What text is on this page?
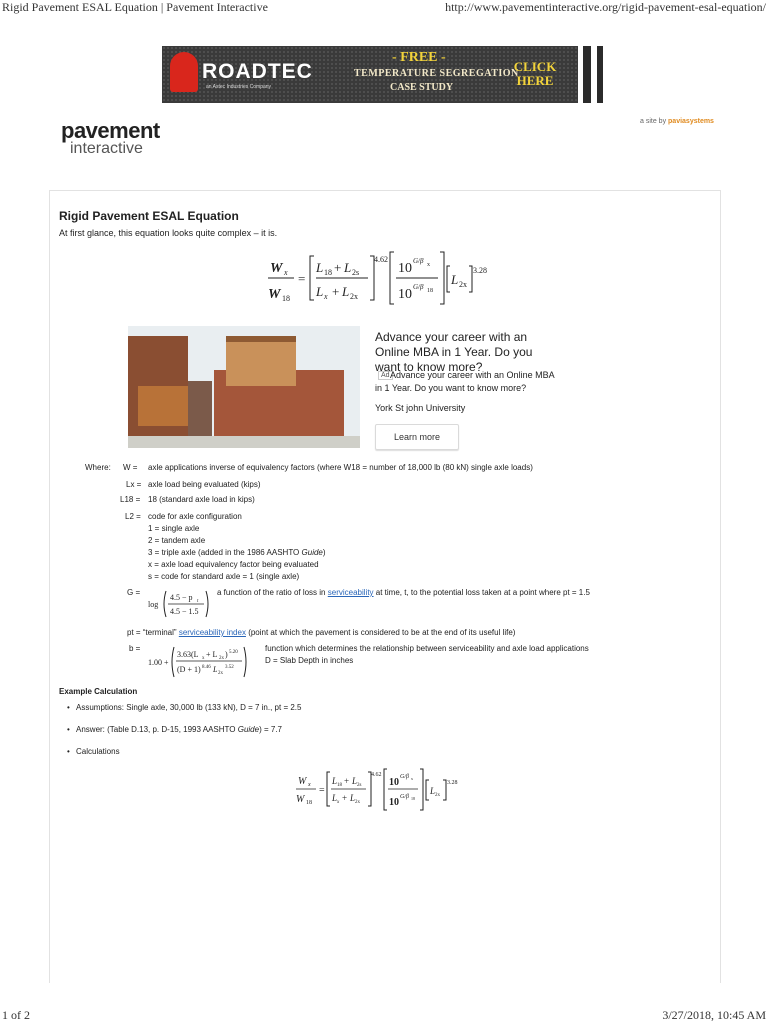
Rigid Pavement ESAL Equation | Pavement Interactive	http://www.pavementinteractive.org/rigid-pavement-esal-equation/
ROADTEC
an Astec Industries Company
- FREE -
TEMPERATURE SEGREGATION
CASE STUDY
CLICK HERE
pavement
interactive
a site by paviasystems
Rigid Pavement ESAL Equation
At first glance, this equation looks quite complex – it is.
W x
W 18
=
L 18 + L 2s
L x + L 2x
4.62
10 G/β x
10 G/β 18
L 2x
3.28
Advance your career with an Online MBA in 1 Year. Do you want to know more?
Ad Advance your career with an Online MBA in 1 Year. Do you want to know more?
York St john University
Learn more
Where: W = axle applications inverse of equivalency factors (where W18 = number of 18,000 lb (80 kN) single axle loads)
Lx = axle load being evaluated (kips)
L18 = 18 (standard axle load in kips)
L2 = code for axle configuration
1 = single axle
2 = tandem axle
3 = triple axle (added in the 1986 AASHTO Guide)
x = axle load equivalency factor being evaluated
s = code for standard axle = 1 (single axle)
G =
log
4.5 − p t
4.5 − 1.5
a function of the ratio of loss in serviceability at time, t, to the potential loss taken at a point where pt = 1.5
pt = “terminal” serviceability index (point at which the pavement is considered to be at the end of its useful life)
b =
1.00 +
3.63(L x + L 2x ) 5.20
(D + 1) 8.46 L 2x
3.52
function which determines the relationship between serviceability and axle load applications
D = Slab Depth in inches
Example Calculation
• Assumptions: Single axle, 30,000 lb (133 kN), D = 7 in., pt = 2.5
• Answer: (Table D.13, p. D-15, 1993 AASHTO Guide) = 7.7
• Calculations
W x
W 18
=
L 18 + L 2s
L x + L 2x
4.62
10 G/β x
10 G/β 18
L 2x
3.28
1 of 2	3/27/2018, 10:45 AM
